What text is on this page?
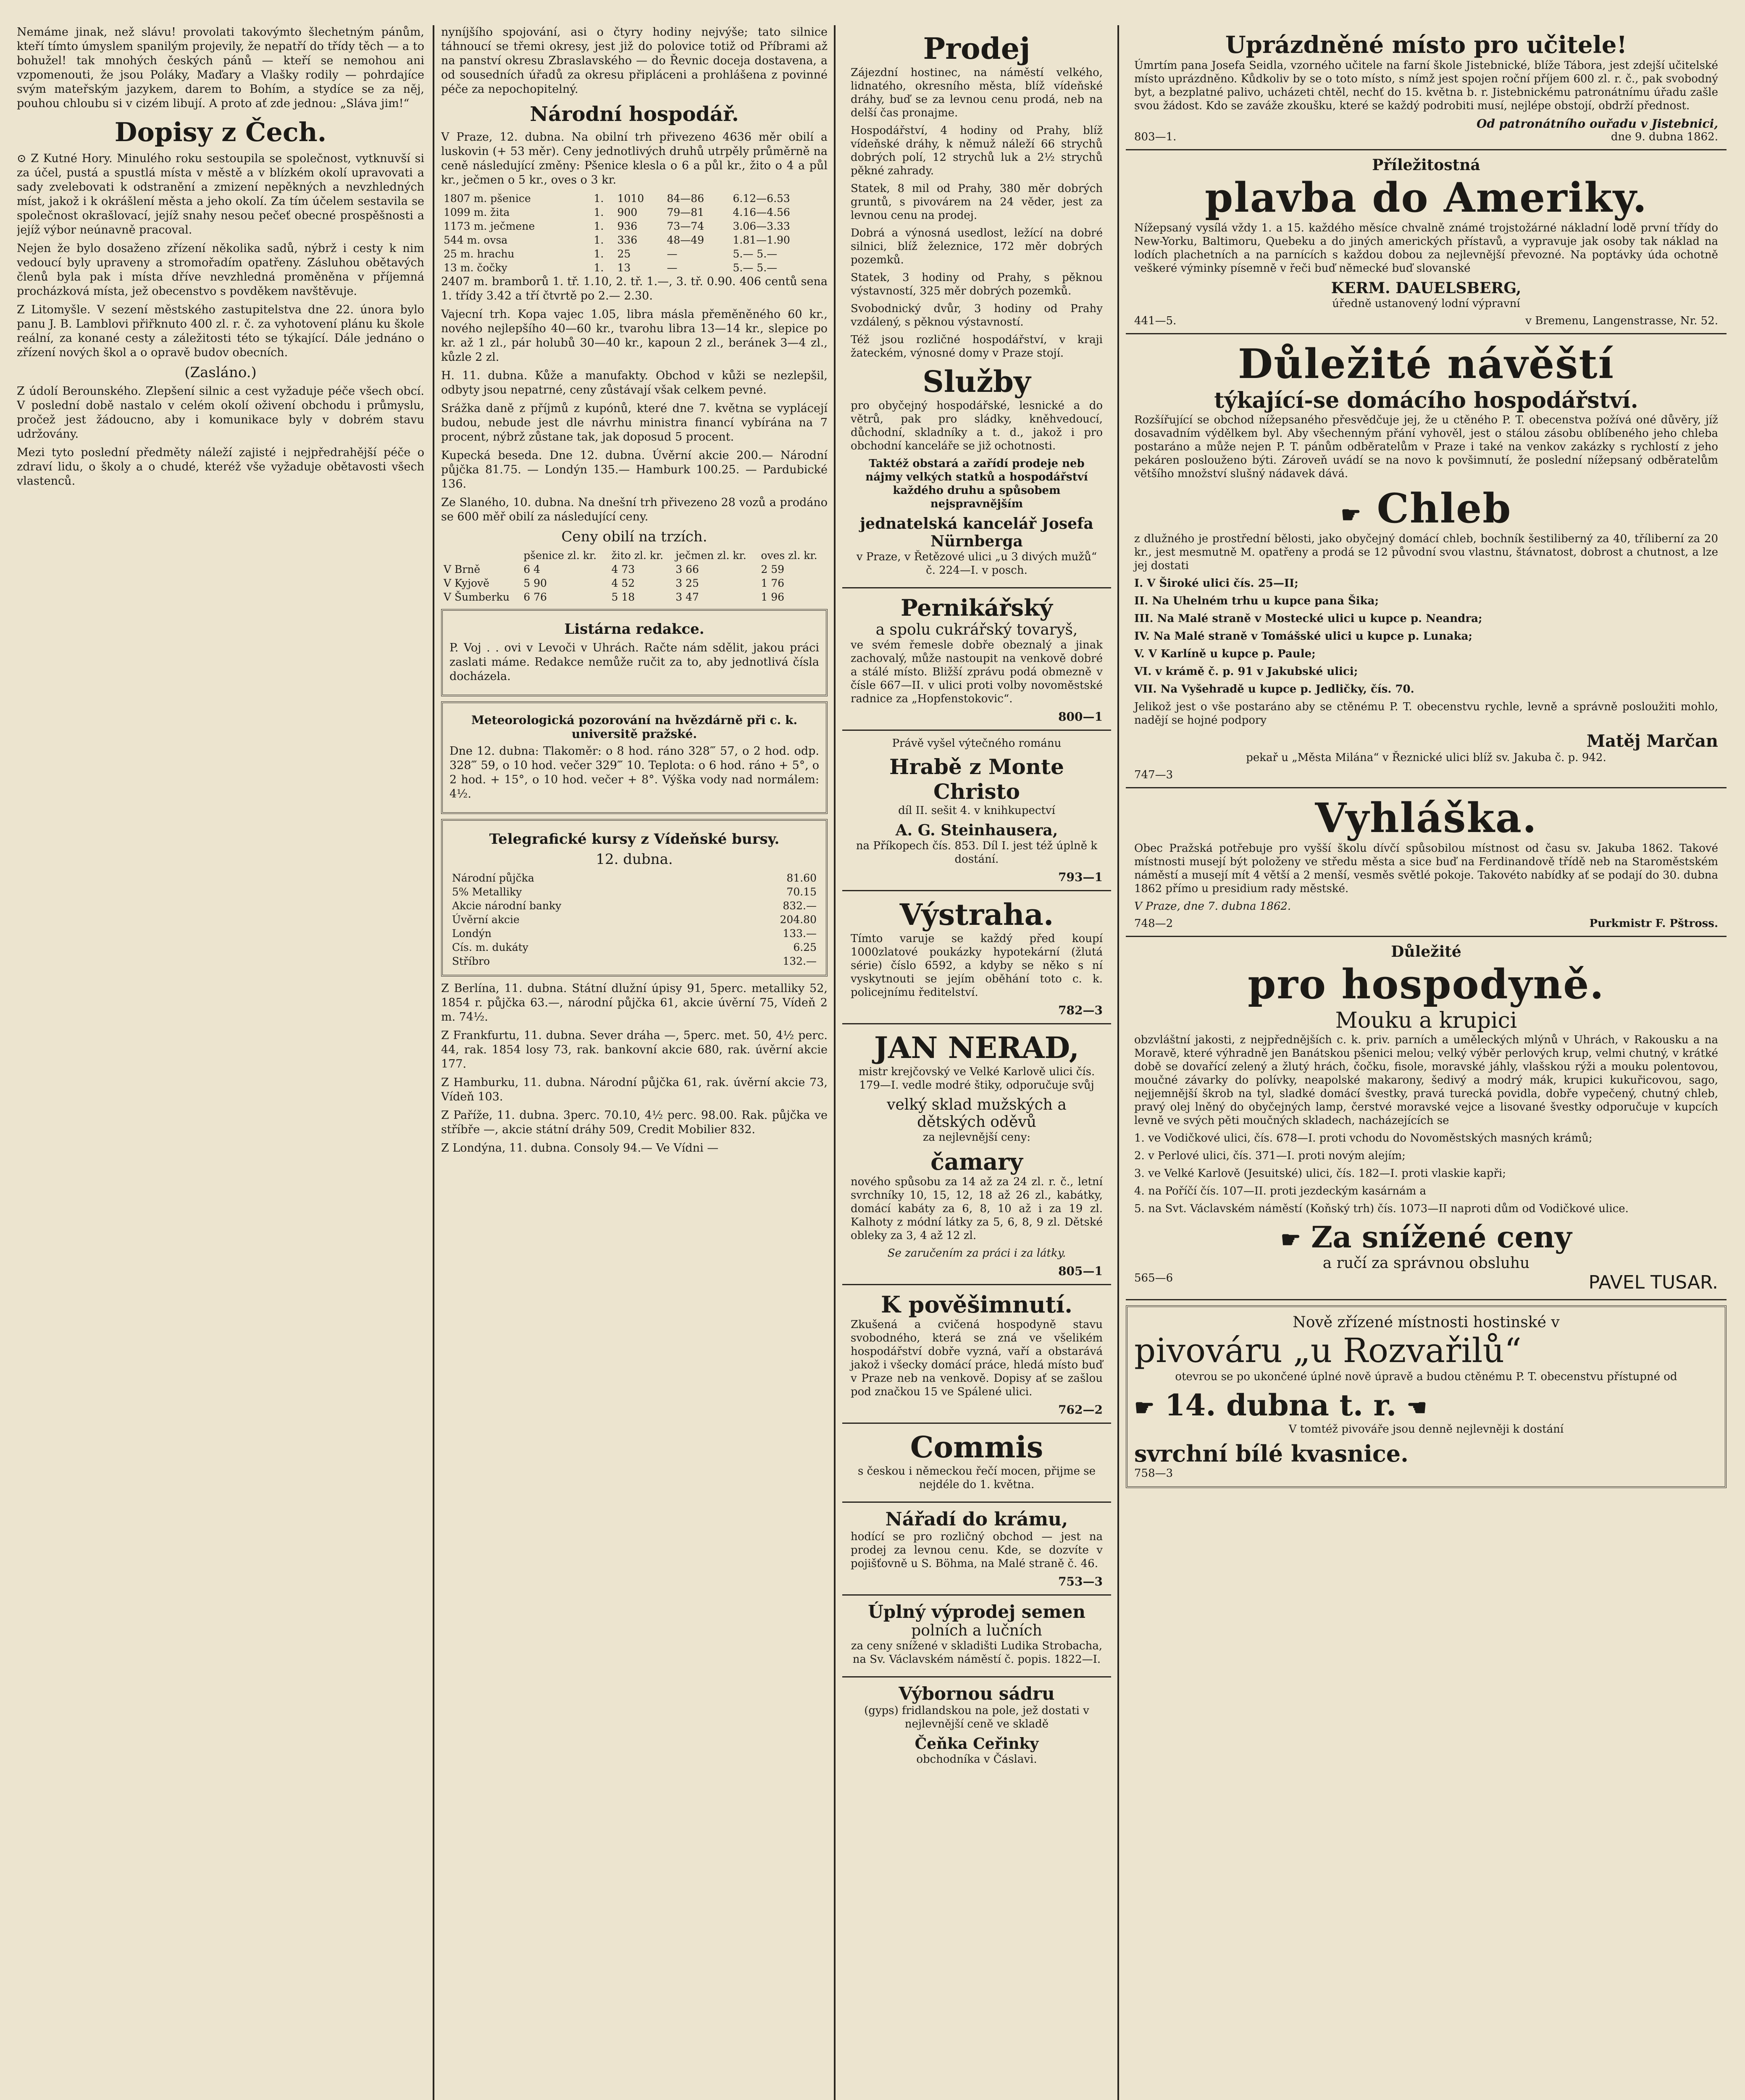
Nemáme jinak, než slávu! provolati takovýmto šlechetným pánům, kteří tímto úmyslem spanilým projevily, že nepatří do třídy těch — a to bohužel! tak mnohých českých pánů — kteří se nemohou ani vzpomenouti, že jsou Poláky, Maďary a Vlašky rodily — pohrdajíce svým mateřským jazykem, darem to Bohím, a stydíce se za něj, pouhou chloubu si v cizém libují. A proto ať zde jednou: „Sláva jim!“

Dopisy z Čech.

⊙ Z Kutné Hory. Minulého roku sestoupila se společnost, vytknuvší si za účel, pustá a spustlá místa v městě a v blízkém okolí upravovati a sady zvelebovati k odstranění a zmizení nepěkných a nevzhledných míst, jakož i k okrášlení města a jeho okolí. Za tím účelem sestavila se společnost okrašlovací, jejíž snahy nesou pečeť obecné prospěšnosti a jejíž výbor neúnavně pracoval.

Nejen že bylo dosaženo zřízení několika sadů, nýbrž i cesty k nim vedoucí byly upraveny a stromořadím opatřeny. Zásluhou obětavých členů byla pak i místa dříve nevzhledná proměněna v příjemná procházková místa, jež obecenstvo s povděkem navštěvuje.

Z Litomyšle. V sezení městského zastupitelstva dne 22. února bylo panu J. B. Lamblovi přiřknuto 400 zl. r. č. za vyhotovení plánu ku škole reální, za konané cesty a záležitosti této se týkající. Dále jednáno o zřízení nových škol a o opravě budov obecních.

(Zasláno.)

Z údolí Berounského. Zlepšení silnic a cest vyžaduje péče všech obcí. V poslední době nastalo v celém okolí oživení obchodu i průmyslu, pročež jest žádoucno, aby i komunikace byly v dobrém stavu udržovány.

Mezi tyto poslední předměty náleží zajisté i nejpředrahější péče o zdraví lidu, o školy a o chudé, kteréž vše vyžaduje obětavosti všech vlastenců.

nyníjšího spojování, asi o čtyry hodiny nejvýše; tato silnice táhnoucí se třemi okresy, jest již do polovice totiž od Příbrami až na panství okresu Zbraslavského — do Řevnic doceja dostavena, a od sousedních úřadů za okresu připláceni a prohlášena z povinné péče za nepochopitelný.

Národní hospodář.

V Praze, 12. dubna. Na obilní trh přivezeno 4636 měr obilí a luskovin (+ 53 měr). Ceny jednotlivých druhů utrpěly průměrně na ceně následující změny: Pšenice klesla o 6 a půl kr., žito o 4 a půl kr., ječmen o 5 kr., oves o 3 kr.

1807 m. pšenice	1.	1010	84—86	6.12—6.53
1099 m. žita	1.	900	79—81	4.16—4.56
1173 m. ječmene	1.	936	73—74	3.06—3.33
544 m. ovsa	1.	336	48—49	1.81—1.90
25 m. hrachu	1.	25	—	5.— 5.—
13 m. čočky	1.	13	—	5.— 5.—

2407 m. bramborů 1. tř. 1.10, 2. tř. 1.—, 3. tř. 0.90. 406 centů sena 1. třídy 3.42 a tří čtvrtě po 2.— 2.30.

Vajecní trh. Kopa vajec 1.05, libra másla přeměněného 60 kr., nového nejlepšího 40—60 kr., tvarohu libra 13—14 kr., slepice po kr. až 1 zl., pár holubů 30—40 kr., kapoun 2 zl., beránek 3—4 zl., kůzle 2 zl.

H. 11. dubna. Kůže a manufakty. Obchod v kůži se nezlepšil, odbyty jsou nepatrné, ceny zůstávají však celkem pevné.

Srážka daně z příjmů z kupónů, které dne 7. května se vyplácejí budou, nebude jest dle návrhu ministra financí vybírána na 7 procent, nýbrž zůstane tak, jak doposud 5 procent.

Kupecká beseda. Dne 12. dubna. Úvěrní akcie 200.— Národní půjčka 81.75. — Londýn 135.— Hamburk 100.25. — Pardubické 136.

Ze Slaného, 10. dubna. Na dnešní trh přivezeno 28 vozů a prodáno se 600 měř obilí za následující ceny.

Ceny obilí na trzích.
	pšenice zl. kr.	žito zl. kr.	ječmen zl. kr.	oves zl. kr.
V Brně	6 4	4 73	3 66	2 59
V Kyjově	5 90	4 52	3 25	1 76
V Šumberku	6 76	5 18	3 47	1 96
Listárna redakce.

P. Voj . . ovi v Levoči v Uhrách. Račte nám sdělit, jakou práci zaslati máme. Redakce nemůže ručit za to, aby jednotlivá čísla docházela.

Meteorologická pozorování na hvězdárně při c. k. universitě pražské.

Dne 12. dubna: Tlakoměr: o 8 hod. ráno 328‴ 57, o 2 hod. odp. 328‴ 59, o 10 hod. večer 329‴ 10. Teplota: o 6 hod. ráno + 5°, o 2 hod. + 15°, o 10 hod. večer + 8°. Výška vody nad normálem: 4½.

Telegrafické kursy z Vídeňské bursy.
12. dubna.
Národní půjčka	81.60
5% Metalliky	70.15
Akcie národní banky	832.—
Úvěrní akcie	204.80
Londýn	133.—
Cís. m. dukáty	6.25
Stříbro	132.—

Z Berlína, 11. dubna. Státní dlužní úpisy 91, 5perc. metalliky 52, 1854 r. půjčka 63.—, národní půjčka 61, akcie úvěrní 75, Vídeň 2 m. 74½.

Z Frankfurtu, 11. dubna. Sever dráha —, 5perc. met. 50, 4½ perc. 44, rak. 1854 losy 73, rak. bankovní akcie 680, rak. úvěrní akcie 177.

Z Hamburku, 11. dubna. Národní půjčka 61, rak. úvěrní akcie 73, Vídeň 103.

Z Paříže, 11. dubna. 3perc. 70.10, 4½ perc. 98.00. Rak. půjčka ve stříbře —, akcie státní dráhy 509, Credit Mobilier 832.

Z Londýna, 11. dubna. Consoly 94.— Ve Vídni —

Prodej

Zájezdní hostinec, na náměstí velkého, lidnatého, okresního města, blíž vídeňské dráhy, buď se za levnou cenu prodá, neb na delší čas pronajme.

Hospodářství, 4 hodiny od Prahy, blíž vídeňské dráhy, k němuž náleží 66 strychů dobrých polí, 12 strychů luk a 2½ strychů pěkné zahrady.

Statek, 8 mil od Prahy, 380 měr dobrých gruntů, s pivovárem na 24 věder, jest za levnou cenu na prodej.

Dobrá a výnosná usedlost, ležící na dobré silnici, blíž železnice, 172 měr dobrých pozemků.

Statek, 3 hodiny od Prahy, s pěknou výstavností, 325 měr dobrých pozemků.

Svobodnický dvůr, 3 hodiny od Prahy vzdálený, s pěknou výstavností.

Též jsou rozličné hospodářství, v kraji žateckém, výnosné domy v Praze stojí.

Služby

pro obyčejný hospodářské, lesnické a do větrů, pak pro sládky, kněhvedoucí, důchodní, skladníky a t. d., jakož i pro obchodní kanceláře se již ochotnosti.

Taktéž obstará a zařídí prodeje neb nájmy velkých statků a hospodářství každého druhu a spůsobem nejspravnějším

jednatelská kancelář Josefa Nürnberga

v Praze, v Řetězové ulici „u 3 divých mužů“ č. 224—I. v posch.

Pernikářský
a spolu cukrářský tovaryš,

ve svém řemesle dobře obeznalý a jinak zachovalý, může nastoupit na venkově dobré a stálé místo. Bližší zprávu podá obmezně v čísle 667—II. v ulici proti volby novoměstské radnice za „Hopfenstokovic“.

800—1

Právě vyšel výtečného románu

Hrabě z Monte Christo

díl II. sešit 4. v knihkupectví

A. G. Steinhausera,

na Příkopech čís. 853. Díl I. jest též úplně k dostání.

793—1
Výstraha.

Tímto varuje se každý před koupí 1000zlatové poukázky hypotekární (žlutá série) číslo 6592, a kdyby se něko s ní vyskytnouti se jejím oběhání toto c. k. policejnímu ředitelství.

782—3
JAN NERAD,

mistr krejčovský ve Velké Karlově ulici čís. 179—I. vedle modré štiky, odporučuje svůj

velký sklad mužských a dětských oděvů

za nejlevnější ceny:

čamary

nového spůsobu za 14 až za 24 zl. r. č., letní svrchníky 10, 15, 12, 18 až 26 zl., kabátky, domácí kabáty za 6, 8, 10 až i za 19 zl. Kalhoty z módní látky za 5, 6, 8, 9 zl. Dětské obleky za 3, 4 až 12 zl.

Se zaručením za práci i za látky.

805—1
K pověšimnutí.

Zkušená a cvičená hospodyně stavu svobodného, která se zná ve všelikém hospodářství dobře vyzná, vaří a obstarává jakož i všecky domácí práce, hledá místo buď v Praze neb na venkově. Dopisy ať se zašlou pod značkou 15 ve Spálené ulici.

762—2
Commis

s českou i německou řečí mocen, přijme se nejdéle do 1. května.

Nářadí do krámu,

hodící se pro rozličný obchod — jest na prodej za levnou cenu. Kde, se dozvíte v pojišťovně u S. Böhma, na Malé straně č. 46.

753—3
Úplný výprodej semen
polních a lučních

za ceny snížené v skladišti Ludika Strobacha, na Sv. Václavském náměstí č. popis. 1822—I.

Výbornou sádru

(gyps) fridlandskou na pole, jež dostati v nejlevnější ceně ve skladě

Čeňka Ceřinky

obchodníka v Čáslavi.

Uprázdněné místo pro učitele!

Úmrtím pana Josefa Seidla, vzorného učitele na farní škole Jistebnické, blíže Tábora, jest zdejší učitelské místo uprázdněno. Kůdkoliv by se o toto místo, s nímž jest spojen roční příjem 600 zl. r. č., pak svobodný byt, a bezplatné palivo, ucházeti chtěl, nechť do 15. května b. r. Jistebnickému patronátnímu úřadu zašle svou žádost. Kdo se zaváže zkoušku, které se každý podrobiti musí, nejlépe obstojí, obdrží přednost.

Od patronátního ouřadu v Jistebnici,
803—1.	dne 9. dubna 1862.
Příležitostná
plavba do Ameriky.

Nížepsaný vysílá vždy 1. a 15. každého měsíce chvalně známé trojstožárné nákladní lodě první třídy do New-Yorku, Baltimoru, Quebeku a do jiných amerických přístavů, a vypravuje jak osoby tak náklad na lodích plachetních a na parnících s každou dobou za nejlevnější převozné. Na poptávky úda ochotně veškeré výminky písemně v řeči buď německé buď slovanské

KERM. DAUELSBERG,

úředně ustanovený lodní výpravní

441—5.	v Bremenu, Langenstrasse, Nr. 52.
Důležité návěští
týkající-se domácího hospodářství.

Rozšířující se obchod nížepsaného přesvědčuje jej, že u ctěného P. T. obecenstva požívá oné důvěry, jíž dosavadním výdělkem byl. Aby všechenným přání vyhověl, jest o stálou zásobu oblíbeného jeho chleba postaráno a může nejen P. T. pánům odběratelům v Praze i také na venkov zakázky s rychlostí z jeho pekáren poslouženo býti. Zároveň uvádí se na novo k povšimnutí, že poslední nížepsaný odběratelům většího množství slušný nádavek dává.

☛ Chleb

z dlužného je prostřední bělosti, jako obyčejný domácí chleb, bochník šestiliberný za 40, tříliberní za 20 kr., jest mesmutně M. opatřeny a prodá se 12 původní svou vlastnu, štávnatost, dobrost a chutnost, a lze jej dostati

I. V Široké ulici čís. 25—II;

II. Na Uhelném trhu u kupce pana Šika;

III. Na Malé straně v Mostecké ulici u kupce p. Neandra;

IV. Na Malé straně v Tomášské ulici u kupce p. Lunaka;

V. V Karlíně u kupce p. Paule;

VI. v krámě č. p. 91 v Jakubské ulici;

VII. Na Vyšehradě u kupce p. Jedličky, čís. 70.

Jelikož jest o vše postaráno aby se ctěnému P. T. obecenstvu rychle, levně a správně posloužiti mohlo, nadějí se hojné podpory

Matěj Marčan

pekař u „Města Milána“ v Řeznické ulici blíž sv. Jakuba č. p. 942.

747—3
Vyhláška.

Obec Pražská potřebuje pro vyšší školu dívčí spůsobilou místnost od času sv. Jakuba 1862. Takové místnosti musejí být položeny ve středu města a sice buď na Ferdinandově třídě neb na Staroměstském náměstí a musejí mít 4 větší a 2 menší, vesměs světlé pokoje. Takovéto nabídky ať se podají do 30. dubna 1862 přímo u presidium rady městské.

V Praze, dne 7. dubna 1862.

748—2	Purkmistr F. Pštross.
Důležité
pro hospodyně.
Mouku a krupici

obzvláštní jakosti, z nejpřednějších c. k. priv. parních a uměleckých mlýnů v Uhrách, v Rakousku a na Moravě, které výhradně jen Banátskou pšenici melou; velký výběr perlových krup, velmi chutný, v krátké době se dovařící zelený a žlutý hrách, čočku, fisole, moravské jáhly, vlašskou rýži a mouku polentovou, moučné závarky do polívky, neapolské makarony, šedivý a modrý mák, krupici kukuřicovou, sago, nejjemnější škrob na tyl, sladké domácí švestky, pravá turecká povidla, dobře vypečený, chutný chleb, pravý olej lněný do obyčejných lamp, čerstvé moravské vejce a lisované švestky odporučuje v kupcích levně ve svých pěti moučných skladech, nacházejících se

1. ve Vodičkové ulici, čís. 678—I. proti vchodu do Novoměstských masných krámů;

2. v Perlové ulici, čís. 371—I. proti novým alejím;

3. ve Velké Karlově (Jesuitské) ulici, čís. 182—I. proti vlaskie kapři;

4. na Poříčí čís. 107—II. proti jezdeckým kasárnám a

5. na Svt. Václavském náměstí (Koňský trh) čís. 1073—II naproti dům od Vodičkové ulice.

☛ Za snížené ceny
a ručí za správnou obsluhu
565—6	PAVEL TUSAR.
Nově zřízené místnosti hostinské v
pivováru „u Rozvařilů“

otevrou se po ukončené úplné nově úpravě a budou ctěnému P. T. obecenstvu přístupné od

☛ 14. dubna t. r. ☚

V tomtéž pivováře jsou denně nejlevněji k dostání

svrchní bílé kvasnice.
758—3
